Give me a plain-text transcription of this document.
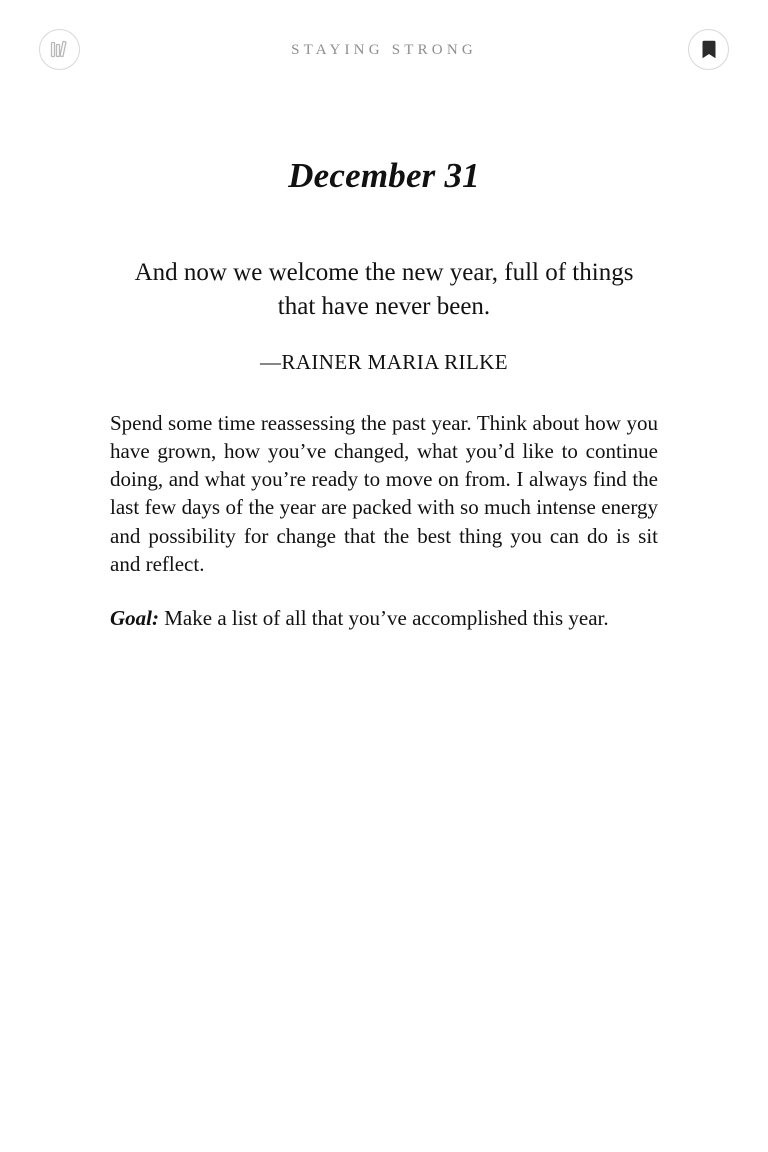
STAYING STRONG
December 31
And now we welcome the new year, full of things that have never been.
—RAINER MARIA RILKE

Spend some time reassessing the past year. Think about how you have grown, how you’ve changed, what you’d like to continue doing, and what you’re ready to move on from. I always find the last few days of the year are packed with so much intense energy and possibility for change that the best thing you can do is sit and reflect.

Goal: Make a list of all that you’ve accomplished this year.
